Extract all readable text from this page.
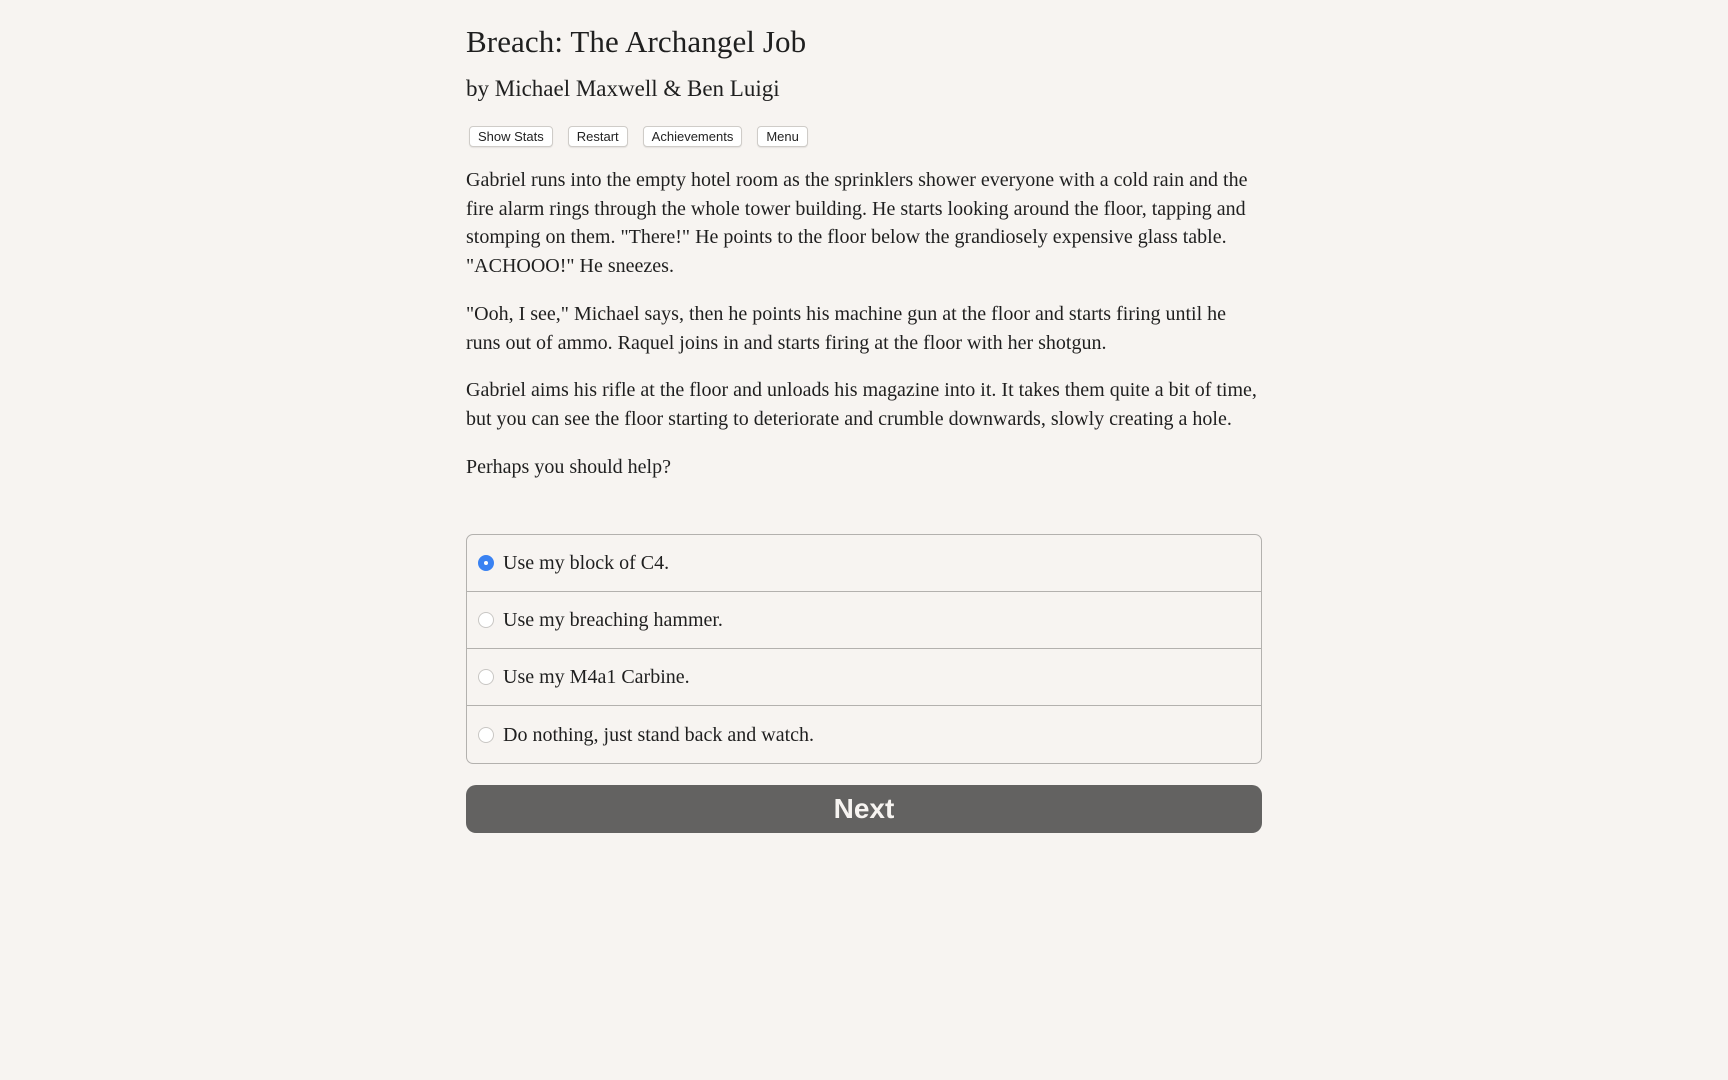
Breach: The Archangel Job
by Michael Maxwell & Ben Luigi
Show Stats	Restart	Achievements	Menu

Gabriel runs into the empty hotel room as the sprinklers shower everyone with a cold rain and the fire alarm rings through the whole tower building. He starts looking around the floor, tapping and stomping on them. "There!" He points to the floor below the grandiosely expensive glass table. "ACHOOO!" He sneezes.

"Ooh, I see," Michael says, then he points his machine gun at the floor and starts firing until he runs out of ammo. Raquel joins in and starts firing at the floor with her shotgun.

Gabriel aims his rifle at the floor and unloads his magazine into it. It takes them quite a bit of time, but you can see the floor starting to deteriorate and crumble downwards, slowly creating a hole.

Perhaps you should help?

Use my block of C4.
Use my breaching hammer.
Use my M4a1 Carbine.
Do nothing, just stand back and watch.
Next
